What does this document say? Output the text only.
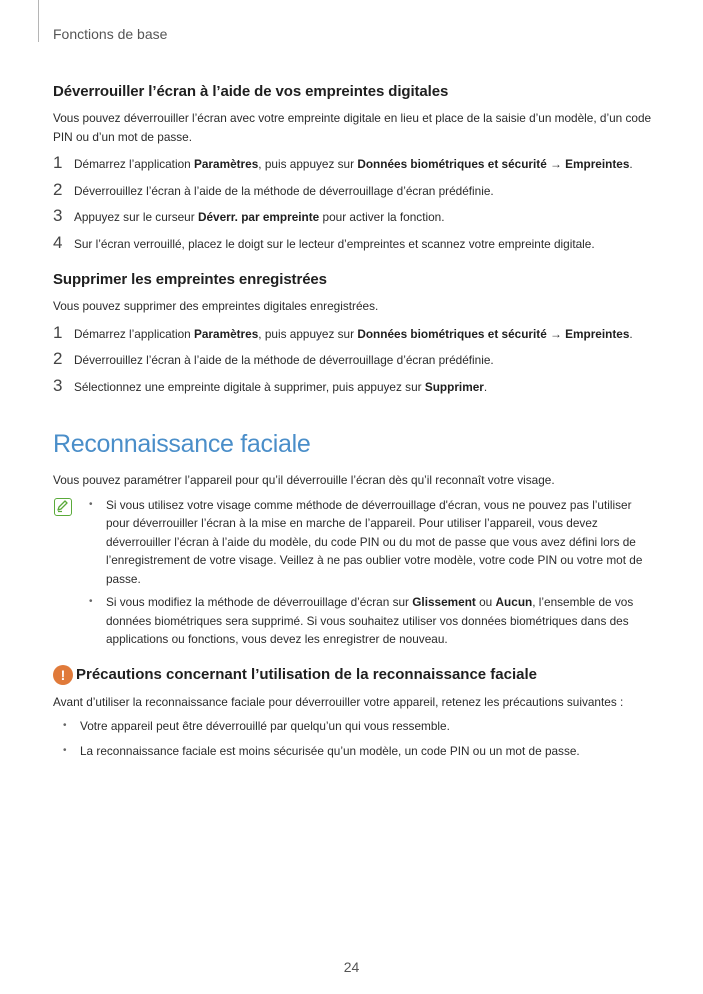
Fonctions de base
Déverrouiller l’écran à l’aide de vos empreintes digitales

Vous pouvez déverrouiller l’écran avec votre empreinte digitale en lieu et place de la saisie d’un modèle, d’un code PIN ou d’un mot de passe.

1 Démarrez l’application Paramètres, puis appuyez sur Données biométriques et sécurité → Empreintes.
2 Déverrouillez l’écran à l’aide de la méthode de déverrouillage d’écran prédéfinie.
3 Appuyez sur le curseur Déverr. par empreinte pour activer la fonction.
4 Sur l’écran verrouillé, placez le doigt sur le lecteur d’empreintes et scannez votre empreinte digitale.
Supprimer les empreintes enregistrées

Vous pouvez supprimer des empreintes digitales enregistrées.

1 Démarrez l’application Paramètres, puis appuyez sur Données biométriques et sécurité → Empreintes.
2 Déverrouillez l’écran à l’aide de la méthode de déverrouillage d’écran prédéfinie.
3 Sélectionnez une empreinte digitale à supprimer, puis appuyez sur Supprimer.
Reconnaissance faciale

Vous pouvez paramétrer l’appareil pour qu’il déverrouille l’écran dès qu’il reconnaît votre visage.

• Si vous utilisez votre visage comme méthode de déverrouillage d'écran, vous ne pouvez pas l’utiliser pour déverrouiller l’écran à la mise en marche de l’appareil. Pour utiliser l’appareil, vous devez déverrouiller l’écran à l’aide du modèle, du code PIN ou du mot de passe que vous avez défini lors de l’enregistrement de votre visage. Veillez à ne pas oublier votre modèle, votre code PIN ou votre mot de passe.
• Si vous modifiez la méthode de déverrouillage d’écran sur Glissement ou Aucun, l’ensemble de vos données biométriques sera supprimé. Si vous souhaitez utiliser vos données biométriques dans des applications ou fonctions, vous devez les enregistrer de nouveau.
! Précautions concernant l’utilisation de la reconnaissance faciale

Avant d’utiliser la reconnaissance faciale pour déverrouiller votre appareil, retenez les précautions suivantes :

• Votre appareil peut être déverrouillé par quelqu’un qui vous ressemble.
• La reconnaissance faciale est moins sécurisée qu’un modèle, un code PIN ou un mot de passe.
24
